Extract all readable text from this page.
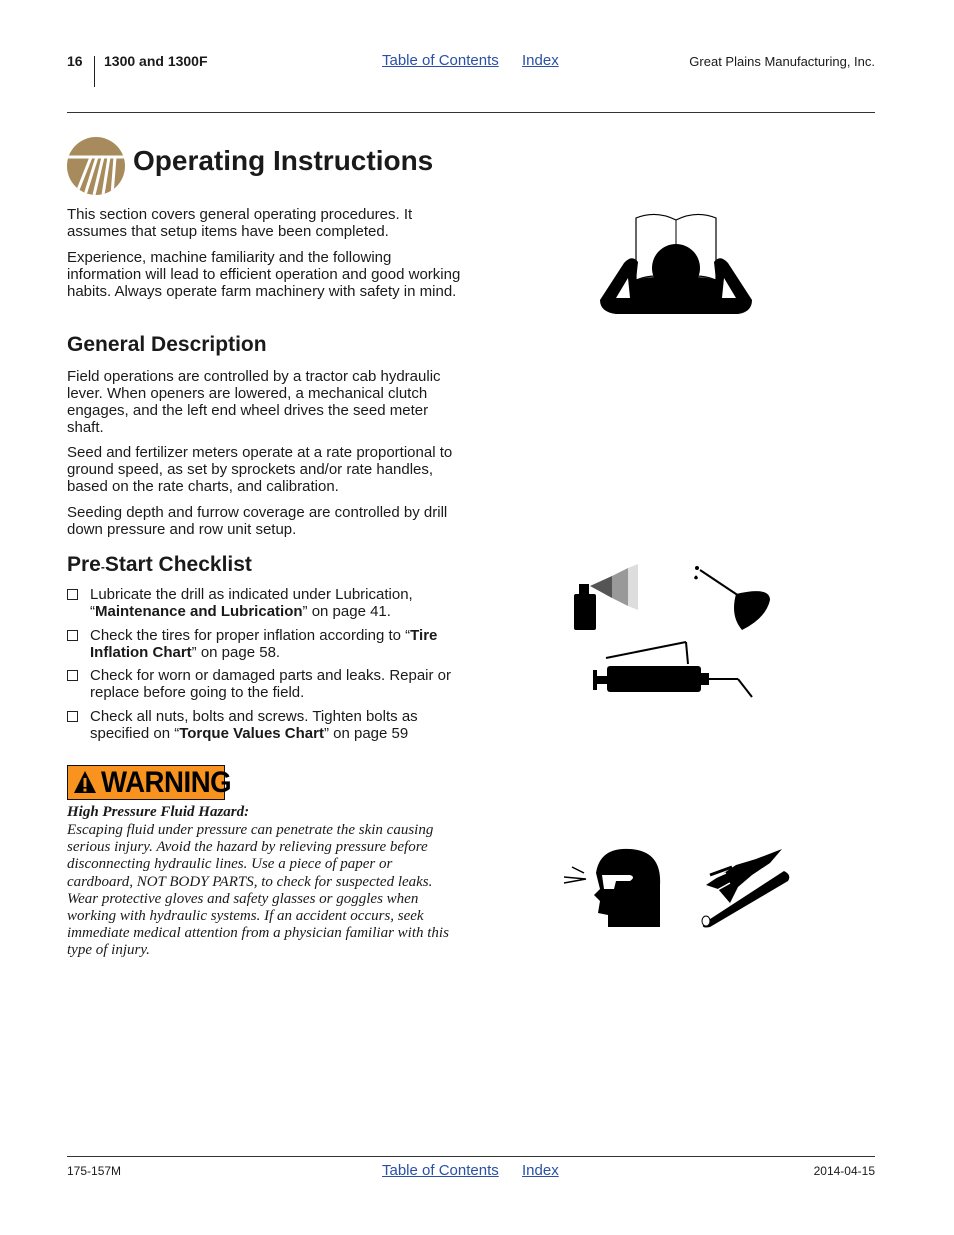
16 1300 and 1300F	Table of Contents Index	Great Plains Manufacturing, Inc.
Operating Instructions

This section covers general operating procedures. It assumes that setup items have been completed.

Experience, machine familiarity and the following information will lead to efficient operation and good working habits. Always operate farm machinery with safety in mind.

General Description

Field operations are controlled by a tractor cab hydraulic lever. When openers are lowered, a mechanical clutch engages, and the left end wheel drives the seed meter shaft.

Seed and fertilizer meters operate at a rate proportional to ground speed, as set by sprockets and/or rate handles, based on the rate charts, and calibration.

Seeding depth and furrow coverage are controlled by drill down pressure and row unit setup.

Pre-Start Checklist
Lubricate the drill as indicated under Lubrication, “Maintenance and Lubrication” on page 41.
Check the tires for proper inflation according to “Tire Inflation Chart” on page 58.
Check for worn or damaged parts and leaks. Repair or replace before going to the field.
Check all nuts, bolts and screws. Tighten bolts as specified on “Torque Values Chart” on page 59
WARNING
High Pressure Fluid Hazard:

Escaping fluid under pressure can penetrate the skin causing serious injury. Avoid the hazard by relieving pressure before disconnecting hydraulic lines. Use a piece of paper or cardboard, NOT BODY PARTS, to check for suspected leaks. Wear protective gloves and safety glasses or goggles when working with hydraulic systems. If an accident occurs, seek immediate medical attention from a physician familiar with this type of injury.

175-157M	Table of Contents Index	2014-04-15
